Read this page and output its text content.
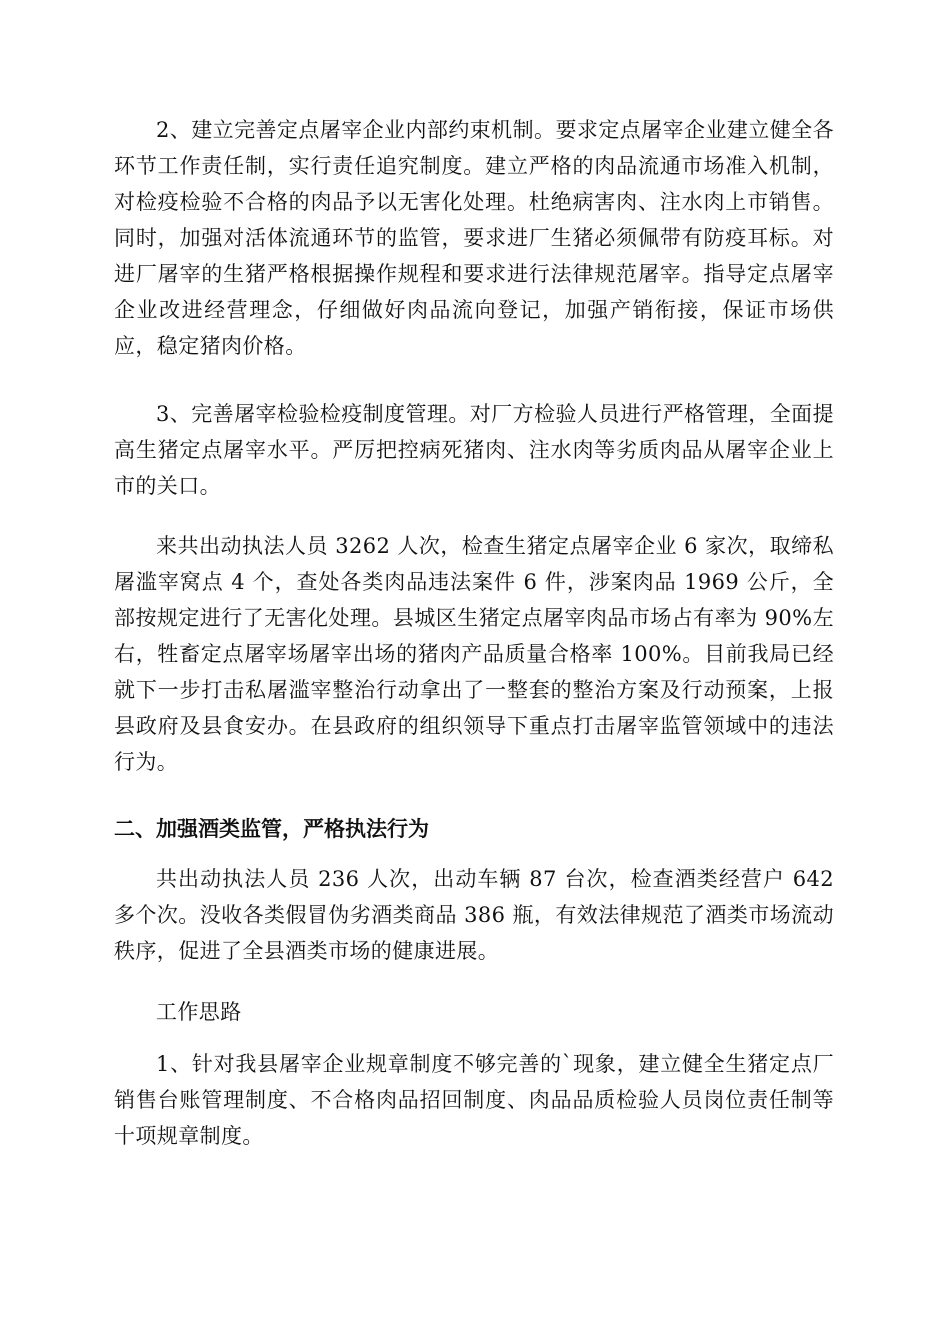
2、建立完善定点屠宰企业内部约束机制。要求定点屠宰企业建立健全各环节工作责任制，实行责任追究制度。建立严格的肉品流通市场准入机制，对检疫检验不合格的肉品予以无害化处理。杜绝病害肉、注水肉上市销售。同时，加强对活体流通环节的监管，要求进厂生猪必须佩带有防疫耳标。对进厂屠宰的生猪严格根据操作规程和要求进行法律规范屠宰。指导定点屠宰企业改进经营理念，仔细做好肉品流向登记，加强产销衔接，保证市场供应，稳定猪肉价格。

3、完善屠宰检验检疫制度管理。对厂方检验人员进行严格管理，全面提高生猪定点屠宰水平。严厉把控病死猪肉、注水肉等劣质肉品从屠宰企业上市的关口。

来共出动执法人员 3262 人次，检查生猪定点屠宰企业 6 家次，取缔私屠滥宰窝点 4 个，查处各类肉品违法案件 6 件，涉案肉品 1969 公斤，全部按规定进行了无害化处理。县城区生猪定点屠宰肉品市场占有率为 90%左右，牲畜定点屠宰场屠宰出场的猪肉产品质量合格率 100%。目前我局已经就下一步打击私屠滥宰整治行动拿出了一整套的整治方案及行动预案，上报县政府及县食安办。在县政府的组织领导下重点打击屠宰监管领域中的违法行为。

二、加强酒类监管，严格执法行为

共出动执法人员 236 人次，出动车辆 87 台次，检查酒类经营户 642 多个次。没收各类假冒伪劣酒类商品 386 瓶，有效法律规范了酒类市场流动秩序，促进了全县酒类市场的健康进展。

工作思路

1、针对我县屠宰企业规章制度不够完善的`现象，建立健全生猪定点厂销售台账管理制度、不合格肉品招回制度、肉品品质检验人员岗位责任制等十项规章制度。
